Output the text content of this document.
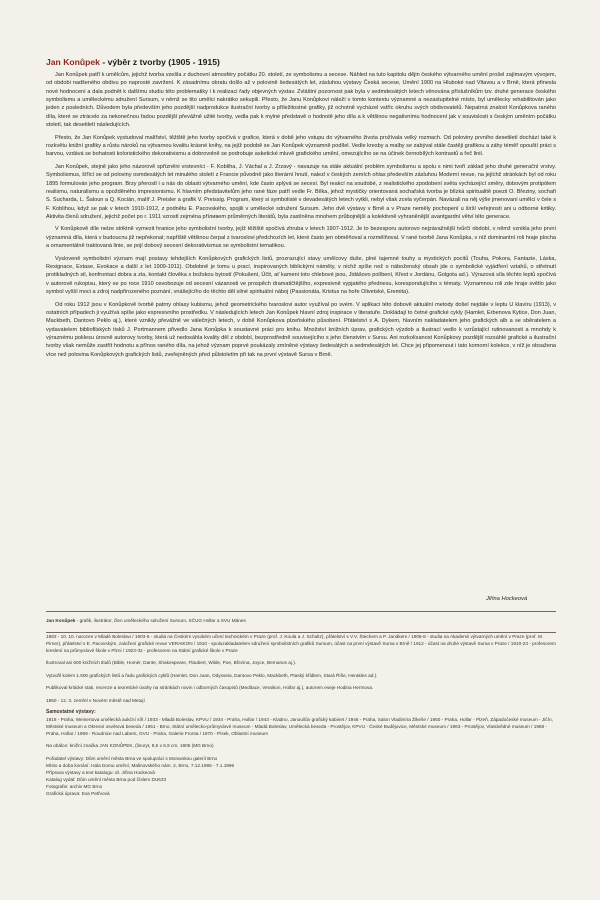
Jan Konůpek - výběr z tvorby (1905 - 1915)

Jan Konůpek patří k umělcům, jejichž tvorba vzešla z duchovní atmosféry počátku 20. století, ze symbolismu a secese. Náhled na tuto kapitolu dějin českého výtvarného umění prošel zajímavým vývojem, od obdobi nadšeného obdivu po naprosté zavržení. K zásadnímu obratu došlo až v polovině šedesátých let, zásluhou výstavy Česká secese, Umění 1900 na Hluboké nad Vltavou a v Brně, která přinesla nové hodnocení a dala podnět k dalšímu studiu této problematiky i k realizaci řady objevných výstav. Zvláštní pozornost pak byla v sedmdesátých letech věnována příslušníkům tzv. druhé generace českého symbolismu a uměleckému sdružení Sursum, v němž se tito umělci nakrátko sekupili. Přesto, že Janu Konůpkovi náleží v tomto kontextu významné a nezastupitelné místo, byl uměleckу rehabilitován jako jeden z posledních. Důvodem byla především jeho pozdější nadprodukce ilustrační tvorby a příležitostné grafiky, již ochotně vycházel vstříc okruhu svých obdivovatelů. Nepatrná znalost Konůpkova raného díla, které se ztrácelo za nekonečnou řadou pozdější převážně užité tvorby, vedla pak k mylné představě o hodnotě jeho díla a k většinou negativnímu hodnocení jak v souvislosti s českým uměním počátku století, tak desetiletí následujících.

Přesto, že Jan Konůpek vystudoval malířství, těžiště jeho tvorby spočívá v grafice, která v době jeho vstupu do výtvarného života prožívala velký rozmach. Od poloviny prvního desetiletí dochází také k rozkvětu knižní grafiky a růstu nároků na výtvarnou kvalitu krásné knihy, na jejíž podobě se Jan Konůpek významně podílel. Vedle kresby a malby se zabýval stále častěji grafikou a záhy téměř opouští práci s barvou, vzdává se bohatosti koloristického dekorativismu a dobrovolně se podrobuje asketické mluvě grafického umění, omezujícího se na účinek černobílých kontrastů a řeč linií.

Jan Konůpek, stejně jako jeho názorově spřízněni vrstevníci - F. Kobliha, J. Váchal a J. Zrzavý - navazuje na stále aktuální problém symbolismu a spolu s nimi tvoří základ jeho druhé generační vrstvy. Symbolismus, šířící se od poloviny osmdesátých let minulého století z Francie původně jako literární hnutí, nalezl v českých zemích ohlas především zásluhou Moderní revue, na jejíchž stránkách byl od roku 1895 formulován jeho program. Brzy přerostl i u nás do oblasti výtvarného umění, kde často splývá se secesí. Byl reakcí na soudobé, z realistického zpodobení světa vycházející směry, dobovým protipólem realismu, naturalismu a opožděného impresionismu. K hlavním představitelům jeho rané fáze patří vedle Fr. Bílka, jehož mystičky orientovaná sochařská tvorba je blízká spiritualitě poezii O. Březiny, sochaři S. Sucharda, L. Šaloun a Q. Kocián, malíř J. Preisler a grafik V. Preissig. Program, který si symbolisté v devadesátých letech vytkli, nebyl však zcela vyčerpán. Navázali na něj výše jmenovaní umělci v čele s F. Koblihou, když se pak v letech 1910-1912, z podnětu E. Pacovského, spojili v umělecké sdružení Sursum. Jeho dvě výstavy v Brně a v Praze neměly pochopení u širší veřejnosti ani u odborné kritiky. Aktivita členů sdružení, jejichž počet po r. 1911 vzrostl zejména příливem průměrných literátů, byla zastíněna mnohem průbojnější a kolektivně vyhraněnější avantgardní větví této generace.

V Konůpkově díle nelze striktně vymezit hranice jeho symbolistní tvorby, jejíž těžiště spočívá zhruba v letech 1907-1912. Je to bezesporu autorovo nejzávažnější tvůrčí období, v němž vznikla jeho první významná díla, která v budoucnu již nepřekonal; napříště většinou čerpal z tvaroslovi předchozích let, které často jen obměňoval a rozmělňoval. V rané tvorbě Jana Konůpka, v níž dominantní roli hraje plocha a ornamentálně traktovaná linie, se pojí dobový secesní dekorativismus se symbolistní tematikou.

Vysloveně symbolistní význam mají postavy tehdejších Konůpkových grafických listů, prozrazující stavy umělcovy duše, plné tajemné touhy a mystických pocitů (Touha, Pokora, Fantazie, Láska, Resignace, Extase, Evokace a další z let 1909-1911). Obdobně je tomu u prací, inspirovaných biblickými náměty, v nichž spíše než o náboženský obsah jde o symbolické vyjádření vztahů, o střetnutí protikladných sil, konfrontaci dobra a zla, kontakt člověka s božskou bytostí (Pokušení, Účit, ať kameni toto chlebové jsou, Jidášovo políbení, Křest v Jordánu, Golgota ad.). Výrazová síla těchto leptů spočívá v autorově rukopisu, který se po roce 1910 osvobozuje od secesní vázanosti ve prospěch dramatičtějšího, expresivně vypjatého přednesu, korespondujícího s tématy. Významnou roli zde hraje světlo jako symbol vyšší moci a zdroj nadpřirozeného poznání, vnášejícího do těchto děl silné spirituální náboj (Passionáta, Kristus na hoře Olivetské, Eremita).

Od roku 1912 jsou v Konůpkově tvorbě patrny ohlasy kubismu, jehož geometrického tvaroslovi autor využíval po svém. V aplikaci této dobově aktuální metody došel nejdále v leptu U klavíru (1913), v ostatních případech ji využívá spíše jako expresivního prostředku. V následujících letech Jan Konůpek hlavní zdroj inspirace v literatuře. Dokládají to četné grafické cykly (Hamlet, Erbenova Kytice, Don Juan, Mackbeth, Dantovo Peklo aj.), které vznikly převážně ve válečných letech, v době Konůpkova plzeňského působení. Přátelství s A. Dykem, hlavním nakladatelem jeho grafických alb a se sběratelem a vydavatelem bibliofilských tisků J. Portmannem přivedlo Jana Konůpka k soustavné práci pro knihu. Množství knižních úprav, grafických výzdob a ilustrací vedlo k vzrůstající rutinovanosti a mnohdy k výraznému poklesu úrovně autorovy tvorby, která už nedosáhla kvality děl z období, bezprostředně souvisejícího s jeho členstvím v Sursu. Ani rozkolísanost Konůpkovy pozdější rozsáhlé grafické a ilustrační tvorby však nemůže zastřít hodnotu a přínos raného díla, na jehož význam poprvé poukázaly zmíněné výstavy šedesátých a sedmdesátých let. Chce jej připomenout i tato komorní kolekce, v níž je obsažena více než polovina Konůpkových grafických listů, zveřejněných před půlstoletím při tak na první výstavě Sursa v Brně.

Jiřina Hockeová

Jan Konůpek - grafik, ilustrátor, člen uměleckého sdružení Sursum, SČUG Hollar a SVU Mánes

1883 - 10. 10. narozen v Mladé Boleslavi / 1903-6 - studia na Českém vysokém učení technickém v Praze (prof. J. Koula a J. Schultz), přátelství s V.V. Štechem a P. Janákem / 1906-8 - studia na Akademii výtvarných umění v Praze (prof. M. Pirner), přátelství s E. Pacovským, založení grafické revue VERAIKON / 1910 - spoluzakladatelem sdružení symbolistních grafiků Sursum, účast na první výstavě Sursa v Brně / 1912 - účast na druhé výstavě Sursa v Praze / 1910-23 - profesorem kreslení na průmyslové škole v Plzni / 1923-32 - profesorem na Státní grafické škole v Praze

Ilustroval asi 600 knižních titulů (Bible, Homér, Dante, Shakespeare, Flaubert, Wilde, Poe, Březina, Joyce, Bernanos aj.).

Vytvořil kolem 1.500 grafických listů a řadu grafických cyklů (Hamlet, Don Juan, Odysseia, Dantovo Peklo, Mackbeth, Ptaský křídlem, Stará Říše, Herakles ad.).

Publikoval kritické stati, recenze a teoretické úvahy na stránkách novin i odborných časopisů (Meditace, Veraikon, Hollar aj.), autorem eseje Hodina Hermova.

1950 - 12. 3. zemřel v Novém městě nad Metují

Samostatné výstavy:

1918 - Praha, Weinertova umělecká aukční síň / 1933 - Mladá Boleslav, KPVU / 1934 - Praha, Hollar / 1943 - Kladno, Janoušův grafický kabinet / 1946 - Praha, Salon Vladimíra Žikeše / 1950 - Praha, Hollar - Plzeň, Západočeské museum - Jičín, Městské museum a Okresní osvětová beseda / 1951 - Brno, Státní uměleckо-průmyslové museum - Mladá Boleslav, Umělecká beseda - Prostějov, KPVU - České Budějovice, Městské museum / 1963 - Prostějov, Vlastivědné museum / 1968 - Praha, Hollar / 1969 - Roudnice nad Labem, GVU - Praha, Galerie Fronta / 1970 - Písek, Oblastní museum

Na obálce: knižní značka JAN KONŮPEK, (linoryt, 8,6 x 6,9 cm, 1905 (MG Brno)

Pořadatel výstavy: Dům umění města Brna ve spolupráci s Moravskou galerií Brno

Místo a doba konání: Hala Domu umění, Malinovského nám. 2, Brno, 7.12.1995 - 7.1.1996

Příprava výstavy a text katalogu: dr. Jiřina Hockeová

Katalog vydal: Dům umění města Brna pod číslem DU633

Fotografie: archiv MG Brno

Grafická úprava: Eva Petřvová
